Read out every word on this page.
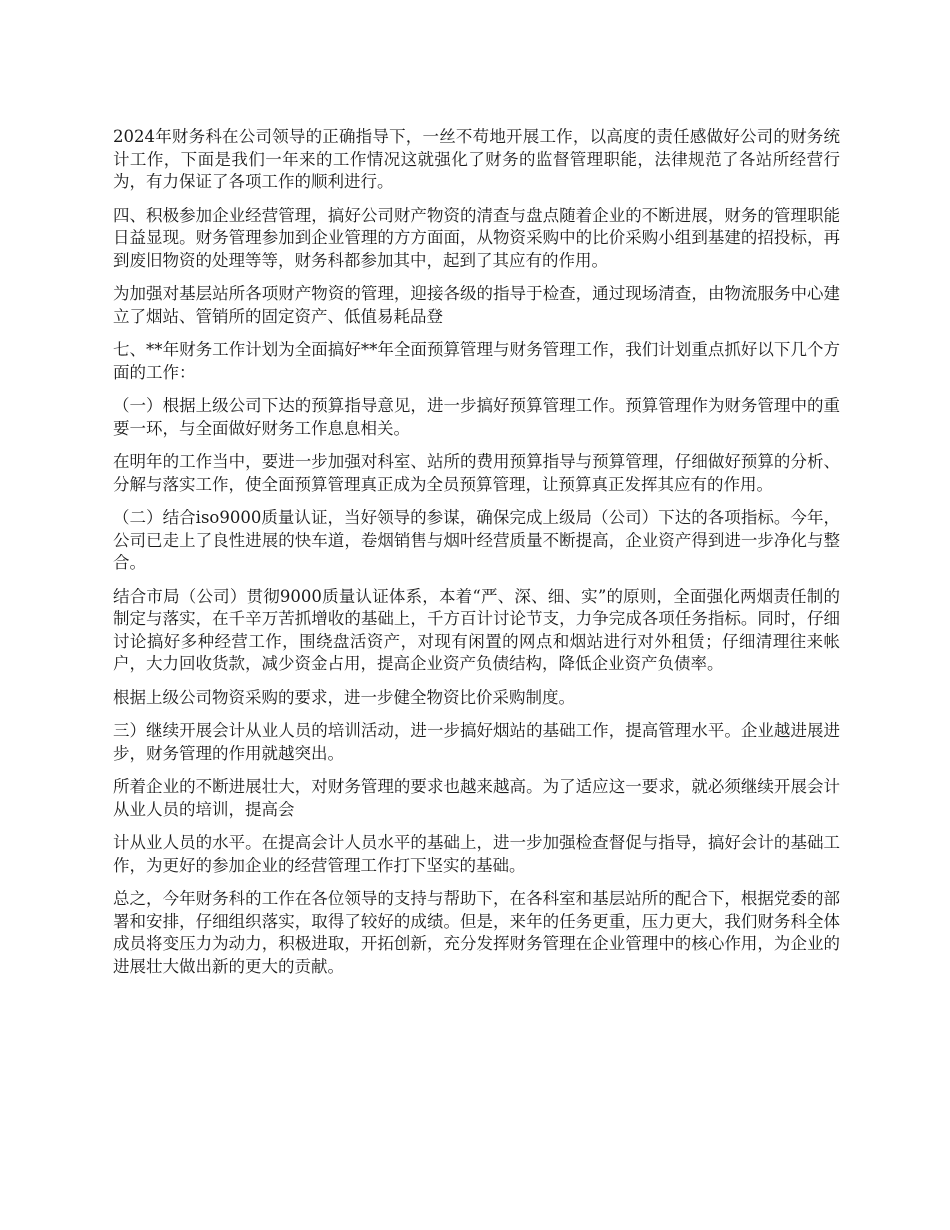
2024年财务科在公司领导的正确指导下，一丝不苟地开展工作，以高度的责任感做好公司的财务统计工作，下面是我们一年来的工作情况这就强化了财务的监督管理职能，法律规范了各站所经营行为，有力保证了各项工作的顺利进行。

四、积极参加企业经营管理，搞好公司财产物资的清查与盘点随着企业的不断进展，财务的管理职能日益显现。财务管理参加到企业管理的方方面面，从物资采购中的比价采购小组到基建的招投标，再到废旧物资的处理等等，财务科都参加其中，起到了其应有的作用。

为加强对基层站所各项财产物资的管理，迎接各级的指导于检查，通过现场清查，由物流服务中心建立了烟站、管销所的固定资产、低值易耗品登

七、**年财务工作计划为全面搞好**年全面预算管理与财务管理工作，我们计划重点抓好以下几个方面的工作：

（一）根据上级公司下达的预算指导意见，进一步搞好预算管理工作。预算管理作为财务管理中的重要一环，与全面做好财务工作息息相关。

在明年的工作当中，要进一步加强对科室、站所的费用预算指导与预算管理，仔细做好预算的分析、分解与落实工作，使全面预算管理真正成为全员预算管理，让预算真正发挥其应有的作用。

（二）结合iso9000质量认证，当好领导的参谋，确保完成上级局（公司）下达的各项指标。今年，公司已走上了良性进展的快车道，卷烟销售与烟叶经营质量不断提高，企业资产得到进一步净化与整合。

结合市局（公司）贯彻9000质量认证体系，本着“严、深、细、实”的原则，全面强化两烟责任制的制定与落实，在千辛万苦抓增收的基础上，千方百计讨论节支，力争完成各项任务指标。同时，仔细讨论搞好多种经营工作，围绕盘活资产，对现有闲置的网点和烟站进行对外租赁；仔细清理往来帐户，大力回收货款，减少资金占用，提高企业资产负债结构，降低企业资产负债率。

根据上级公司物资采购的要求，进一步健全物资比价采购制度。

三）继续开展会计从业人员的培训活动，进一步搞好烟站的基础工作，提高管理水平。企业越进展进步，财务管理的作用就越突出。

所着企业的不断进展壮大，对财务管理的要求也越来越高。为了适应这一要求，就必须继续开展会计从业人员的培训，提高会

计从业人员的水平。在提高会计人员水平的基础上，进一步加强检查督促与指导，搞好会计的基础工作，为更好的参加企业的经营管理工作打下坚实的基础。

总之，今年财务科的工作在各位领导的支持与帮助下，在各科室和基层站所的配合下，根据党委的部署和安排，仔细组织落实，取得了较好的成绩。但是，来年的任务更重，压力更大，我们财务科全体成员将变压力为动力，积极进取，开拓创新，充分发挥财务管理在企业管理中的核心作用，为企业的进展壮大做出新的更大的贡献。
